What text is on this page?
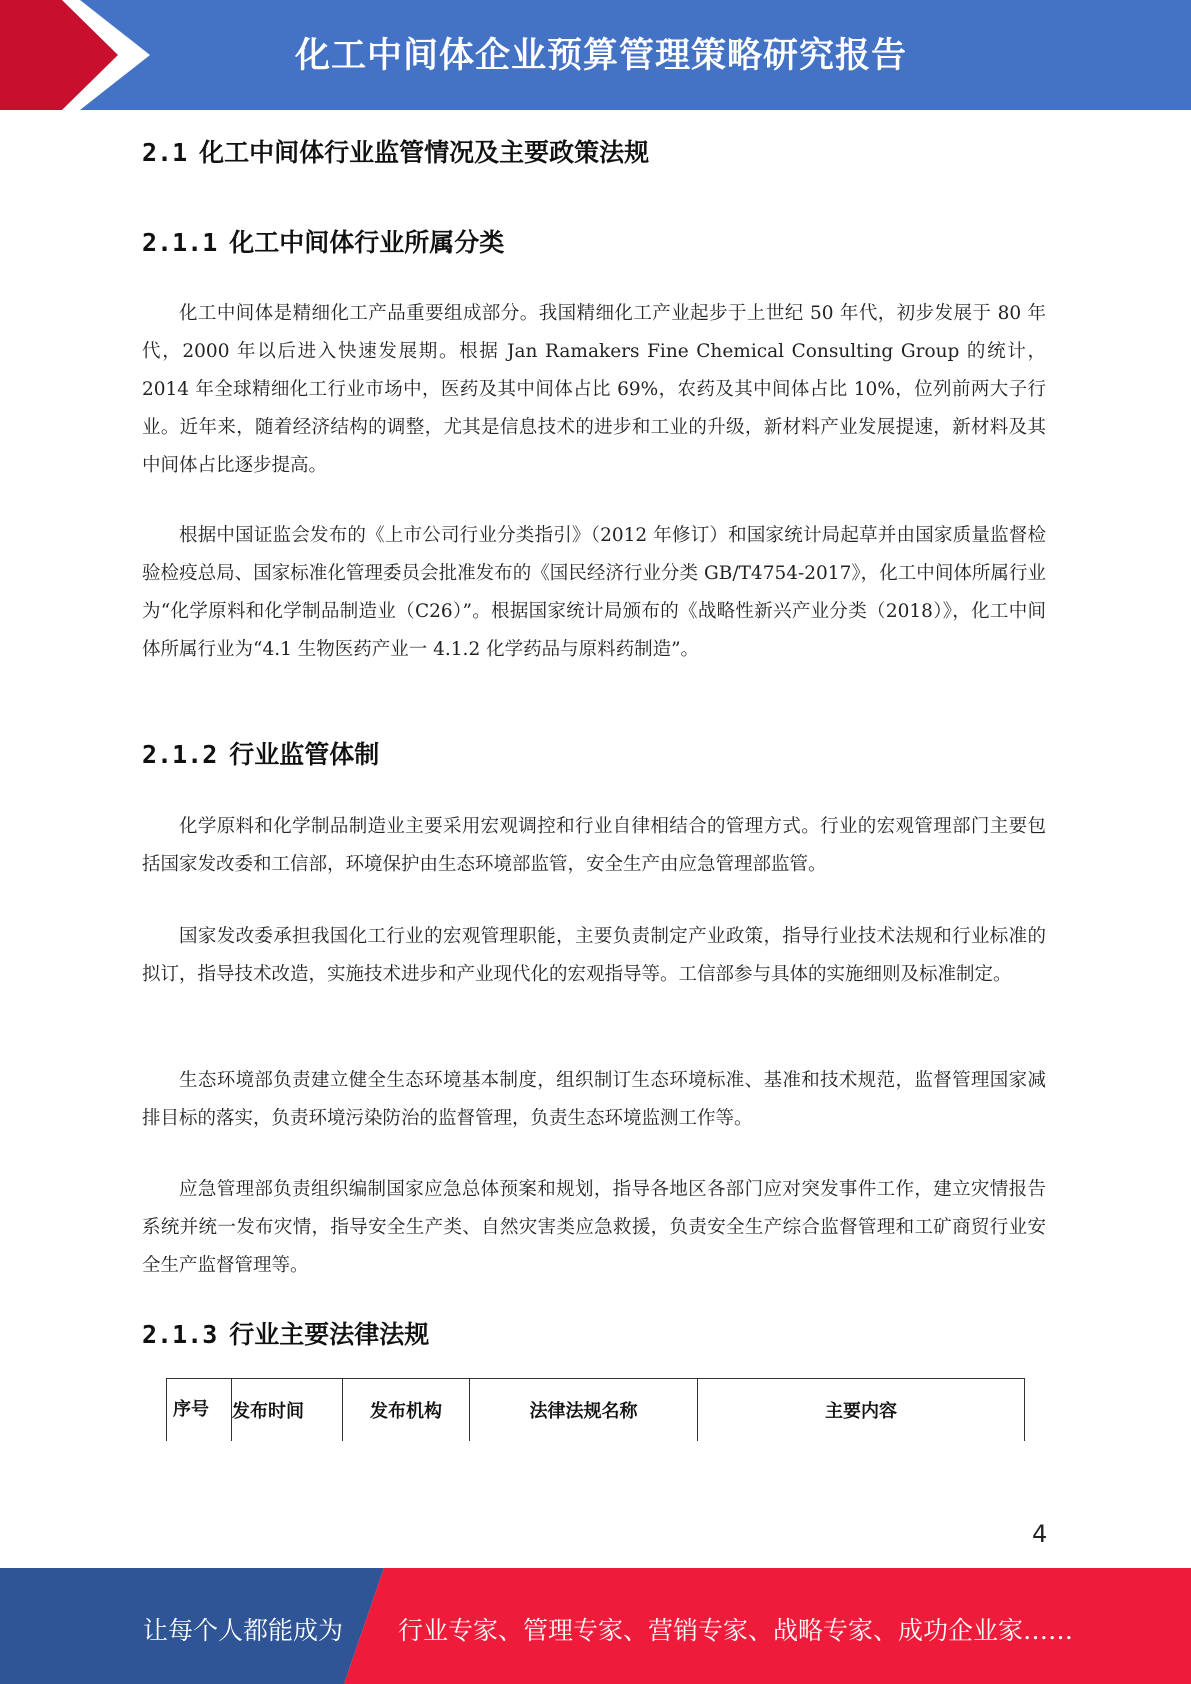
化工中间体企业预算管理策略研究报告
2.1 化工中间体行业监管情况及主要政策法规
2.1.1 化工中间体行业所属分类
化工中间体是精细化工产品重要组成部分。我国精细化工产业起步于上世纪 50 年代，初步发展于 80 年代，2000 年以后进入快速发展期。根据 Jan Ramakers Fine Chemical Consulting Group 的统计，2014 年全球精细化工行业市场中，医药及其中间体占比 69%，农药及其中间体占比 10%，位列前两大子行业。近年来，随着经济结构的调整，尤其是信息技术的进步和工业的升级，新材料产业发展提速，新材料及其中间体占比逐步提高。
根据中国证监会发布的《上市公司行业分类指引》（2012 年修订）和国家统计局起草并由国家质量监督检验检疫总局、国家标准化管理委员会批准发布的《国民经济行业分类 GB/T4754-2017》，化工中间体所属行业为“化学原料和化学制品制造业（C26）”。根据国家统计局颁布的《战略性新兴产业分类（2018）》，化工中间体所属行业为“4.1 生物医药产业一 4.1.2 化学药品与原料药制造”。
2.1.2 行业监管体制
化学原料和化学制品制造业主要采用宏观调控和行业自律相结合的管理方式。行业的宏观管理部门主要包括国家发改委和工信部，环境保护由生态环境部监管，安全生产由应急管理部监管。
国家发改委承担我国化工行业的宏观管理职能，主要负责制定产业政策，指导行业技术法规和行业标准的拟订，指导技术改造，实施技术进步和产业现代化的宏观指导等。工信部参与具体的实施细则及标准制定。
生态环境部负责建立健全生态环境基本制度，组织制订生态环境标准、基准和技术规范，监督管理国家减排目标的落实，负责环境污染防治的监督管理，负责生态环境监测工作等。
应急管理部负责组织编制国家应急总体预案和规划，指导各地区各部门应对突发事件工作，建立灾情报告系统并统一发布灾情，指导安全生产类、自然灾害类应急救援，负责安全生产综合监督管理和工矿商贸行业安全生产监督管理等。
2.1.3 行业主要法律法规
序号	发布时间	发布机构	法律法规名称	主要内容
4
让每个人都能成为 行业专家、管理专家、营销专家、战略专家、成功企业家……
